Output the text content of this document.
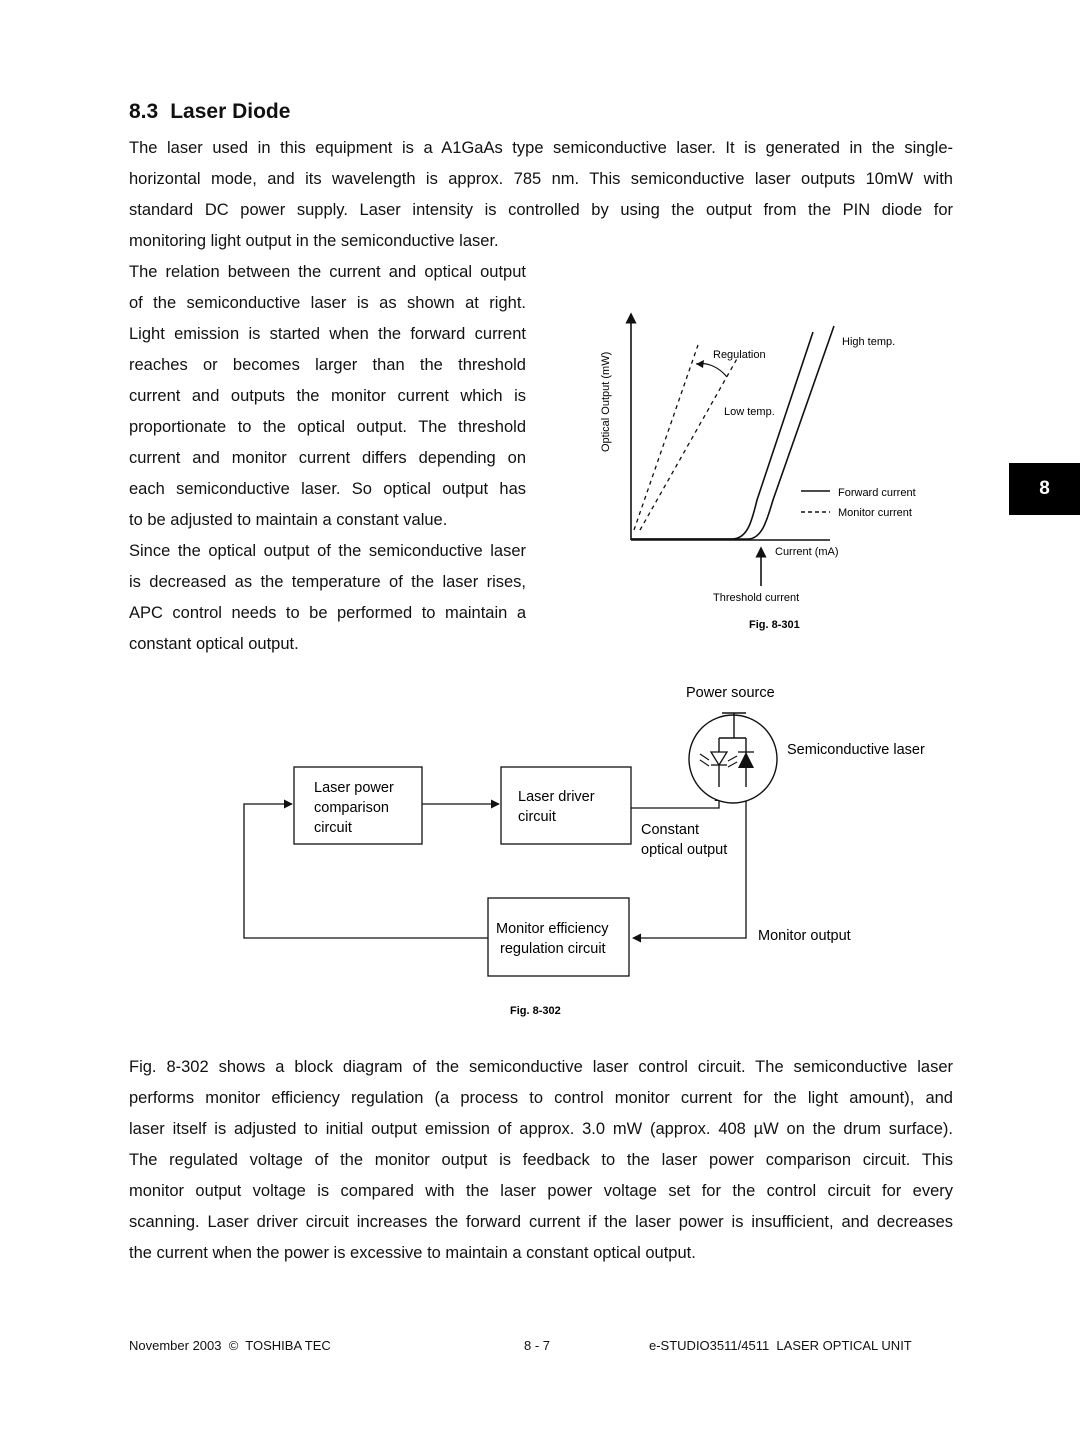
8.3 Laser Diode
The laser used in this equipment is a A1GaAs type semiconductive laser. It is generated in the single-
horizontal mode, and its wavelength is approx. 785 nm. This semiconductive laser outputs 10mW with
standard DC power supply. Laser intensity is controlled by using the output from the PIN diode for
monitoring light output in the semiconductive laser.
The relation between the current and optical output
of the semiconductive laser is as shown at right.
Light emission is started when the forward current
reaches or becomes larger than the threshold
current and outputs the monitor current which is
proportionate to the optical output. The threshold
current and monitor current differs depending on
each semiconductive laser. So optical output has
to be adjusted to maintain a constant value.
Since the optical output of the semiconductive laser
is decreased as the temperature of the laser rises,
APC control needs to be performed to maintain a
constant optical output.
Optical Output (mW)
Current (mA)
Regulation
High temp.
Low temp.
Forward current
Monitor current
Threshold current
Fig. 8-301
Laser power
comparison
circuit
Laser driver
circuit
Monitor efficiency
regulation circuit
Power source
Semiconductive laser
Constant
optical output
Monitor output
Fig. 8-302
Fig. 8-302 shows a block diagram of the semiconductive laser control circuit. The semiconductive laser
performs monitor efficiency regulation (a process to control monitor current for the light amount), and
laser itself is adjusted to initial output emission of approx. 3.0 mW (approx. 408 µW on the drum surface).
The regulated voltage of the monitor output is feedback to the laser power comparison circuit. This
monitor output voltage is compared with the laser power voltage set for the control circuit for every
scanning. Laser driver circuit increases the forward current if the laser power is insufficient, and decreases
the current when the power is excessive to maintain a constant optical output.
8
November 2003  ©  TOSHIBA TEC	8 - 7	e-STUDIO3511/4511  LASER OPTICAL UNIT
